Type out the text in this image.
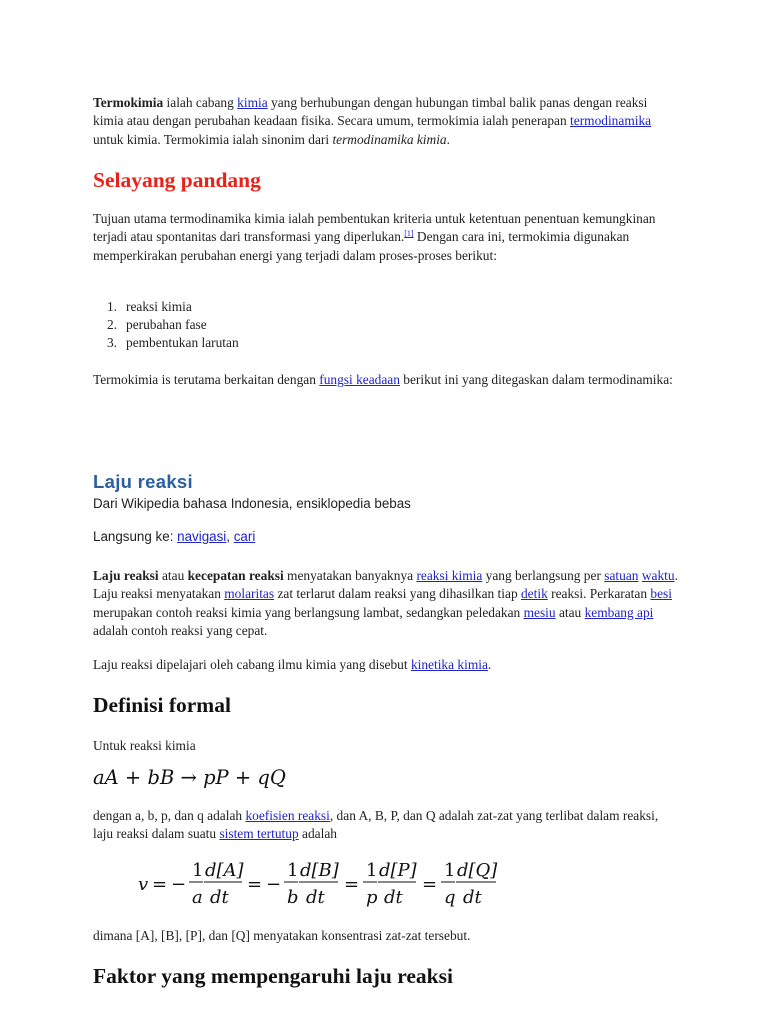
Termokimia ialah cabang kimia yang berhubungan dengan hubungan timbal balik panas dengan reaksi kimia atau dengan perubahan keadaan fisika. Secara umum, termokimia ialah penerapan termodinamika untuk kimia. Termokimia ialah sinonim dari termodinamika kimia.

Selayang pandang

Tujuan utama termodinamika kimia ialah pembentukan kriteria untuk ketentuan penentuan kemungkinan terjadi atau spontanitas dari transformasi yang diperlukan.[1] Dengan cara ini, termokimia digunakan memperkirakan perubahan energi yang terjadi dalam proses-proses berikut:

1. reaksi kimia
2. perubahan fase
3. pembentukan larutan

Termokimia is terutama berkaitan dengan fungsi keadaan berikut ini yang ditegaskan dalam termodinamika:

Laju reaksi

Dari Wikipedia bahasa Indonesia, ensiklopedia bebas

Langsung ke: navigasi, cari

Laju reaksi atau kecepatan reaksi menyatakan banyaknya reaksi kimia yang berlangsung per satuan waktu. Laju reaksi menyatakan molaritas zat terlarut dalam reaksi yang dihasilkan tiap detik reaksi. Perkaratan besi merupakan contoh reaksi kimia yang berlangsung lambat, sedangkan peledakan mesiu atau kembang api adalah contoh reaksi yang cepat.

Laju reaksi dipelajari oleh cabang ilmu kimia yang disebut kinetika kimia.

Definisi formal

Untuk reaksi kimia

aA + bB → pP + qQ

dengan a, b, p, dan q adalah koefisien reaksi, dan A, B, P, dan Q adalah zat-zat yang terlibat dalam reaksi, laju reaksi dalam suatu sistem tertutup adalah

v = −
1
a
d[A]
dt
= −
1
b
d[B]
dt
=
1
p
d[P]
dt
=
1
q
d[Q]
dt

dimana [A], [B], [P], dan [Q] menyatakan konsentrasi zat-zat tersebut.

Faktor yang mempengaruhi laju reaksi
